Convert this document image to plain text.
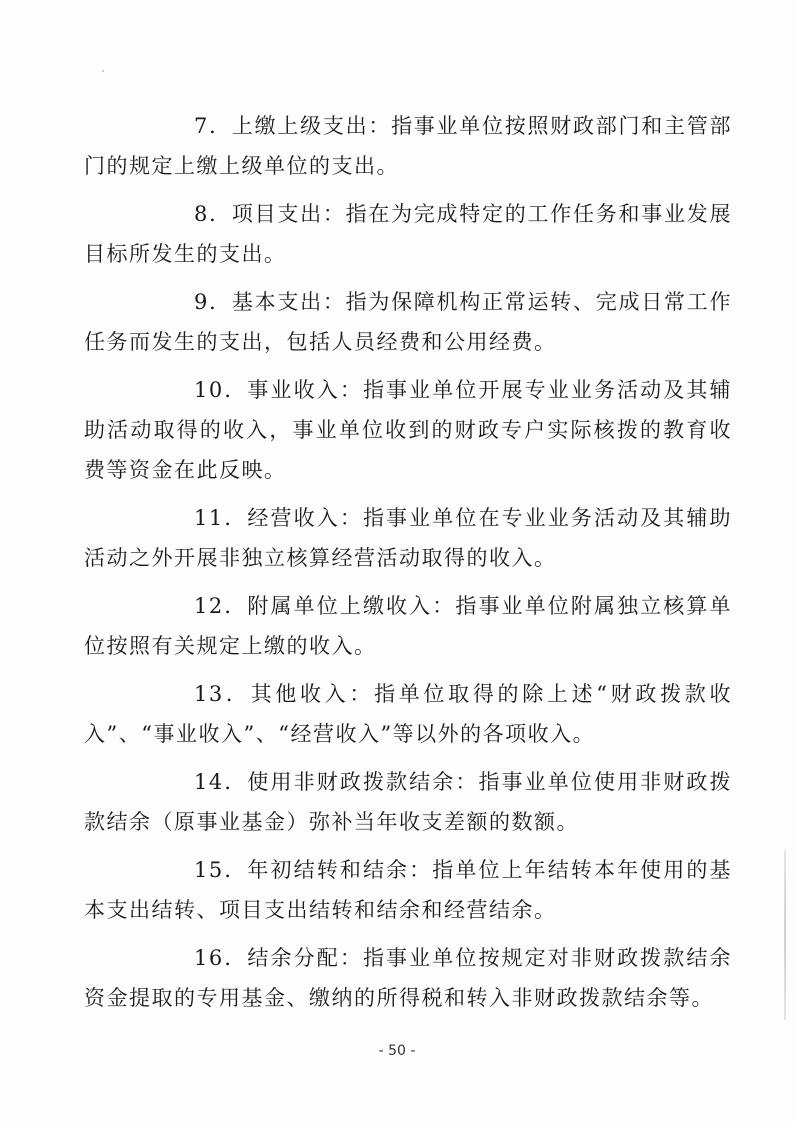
7．上缴上级支出：指事业单位按照财政部门和主管部门的规定上缴上级单位的支出。

8．项目支出：指在为完成特定的工作任务和事业发展目标所发生的支出。

9．基本支出：指为保障机构正常运转、完成日常工作任务而发生的支出，包括人员经费和公用经费。

10．事业收入：指事业单位开展专业业务活动及其辅助活动取得的收入，事业单位收到的财政专户实际核拨的教育收费等资金在此反映。

11．经营收入：指事业单位在专业业务活动及其辅助活动之外开展非独立核算经营活动取得的收入。

12．附属单位上缴收入：指事业单位附属独立核算单位按照有关规定上缴的收入。

13．其他收入：指单位取得的除上述“财政拨款收入”、“事业收入”、“经营收入”等以外的各项收入。

14．使用非财政拨款结余：指事业单位使用非财政拨款结余（原事业基金）弥补当年收支差额的数额。

15．年初结转和结余：指单位上年结转本年使用的基本支出结转、项目支出结转和结余和经营结余。

16．结余分配：指事业单位按规定对非财政拨款结余资金提取的专用基金、缴纳的所得税和转入非财政拨款结余等。

- 50 -
